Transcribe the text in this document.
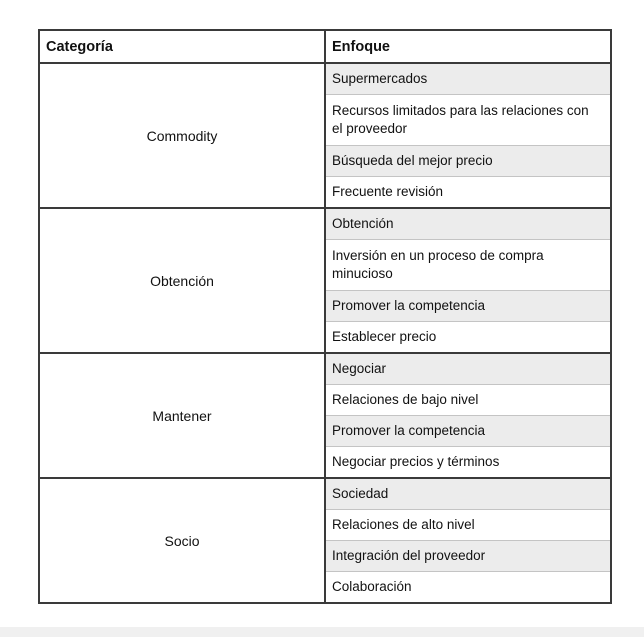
Categoría	Enfoque
Commodity	Supermercados
	Recursos limitados para las relaciones con el proveedor
	Búsqueda del mejor precio
	Frecuente revisión
Obtención	Obtención
	Inversión en un proceso de compra minucioso
	Promover la competencia
	Establecer precio
Mantener	Negociar
	Relaciones de bajo nivel
	Promover la competencia
	Negociar precios y términos
Socio	Sociedad
	Relaciones de alto nivel
	Integración del proveedor
	Colaboración
